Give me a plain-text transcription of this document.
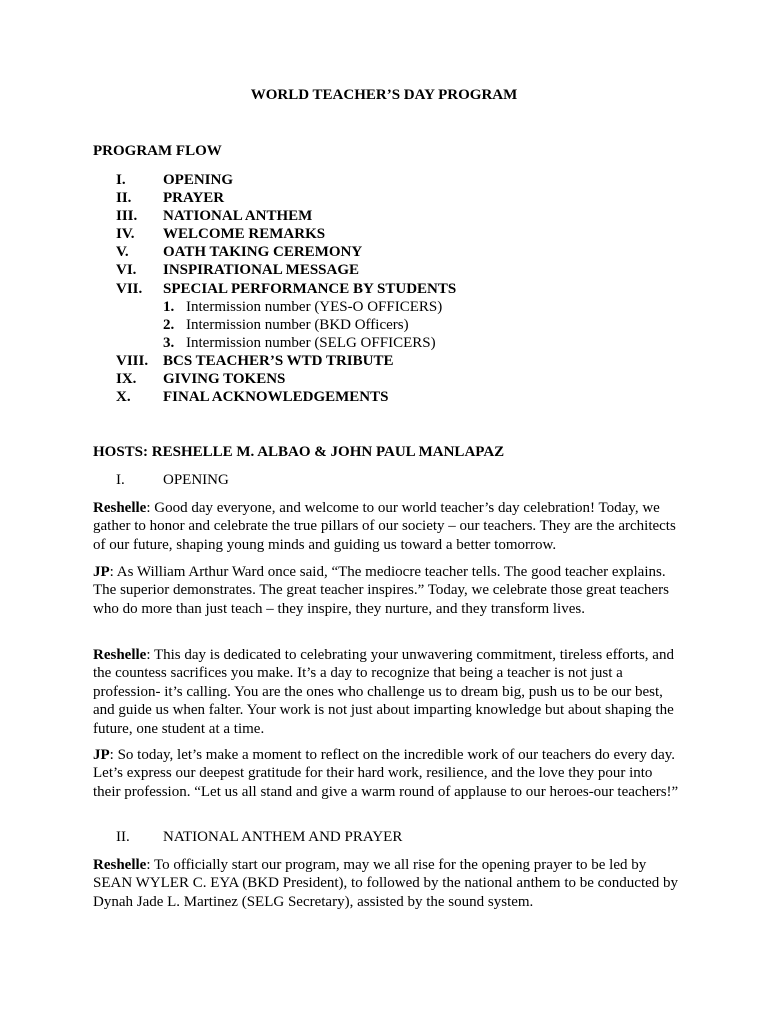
WORLD TEACHER’S DAY PROGRAM
PROGRAM FLOW
I. OPENING
II. PRAYER
III. NATIONAL ANTHEM
IV. WELCOME REMARKS
V. OATH TAKING CEREMONY
VI. INSPIRATIONAL MESSAGE
VII. SPECIAL PERFORMANCE BY STUDENTS
1. Intermission number (YES-O OFFICERS)
2. Intermission number (BKD Officers)
3. Intermission number (SELG OFFICERS)
VIII. BCS TEACHER’S WTD TRIBUTE
IX. GIVING TOKENS
X. FINAL ACKNOWLEDGEMENTS
HOSTS: RESHELLE M. ALBAO & JOHN PAUL MANLAPAZ
I.	OPENING

Reshelle: Good day everyone, and welcome to our world teacher’s day celebration! Today, we gather to honor and celebrate the true pillars of our society – our teachers. They are the architects of our future, shaping young minds and guiding us toward a better tomorrow.

JP: As William Arthur Ward once said, “The mediocre teacher tells. The good teacher explains. The superior demonstrates. The great teacher inspires.” Today, we celebrate those great teachers who do more than just teach – they inspire, they nurture, and they transform lives.

Reshelle: This day is dedicated to celebrating your unwavering commitment, tireless efforts, and the countess sacrifices you make. It’s a day to recognize that being a teacher is not just a profession- it’s calling. You are the ones who challenge us to dream big, push us to be our best, and guide us when falter. Your work is not just about imparting knowledge but about shaping the future, one student at a time.

JP: So today, let’s make a moment to reflect on the incredible work of our teachers do every day. Let’s express our deepest gratitude for their hard work, resilience, and the love they pour into their profession. “Let us all stand and give a warm round of applause to our heroes-our teachers!”

II. NATIONAL ANTHEM AND PRAYER

Reshelle: To officially start our program, may we all rise for the opening prayer to be led by SEAN WYLER C. EYA (BKD President), to followed by the national anthem to be conducted by Dynah Jade L. Martinez (SELG Secretary), assisted by the sound system.
